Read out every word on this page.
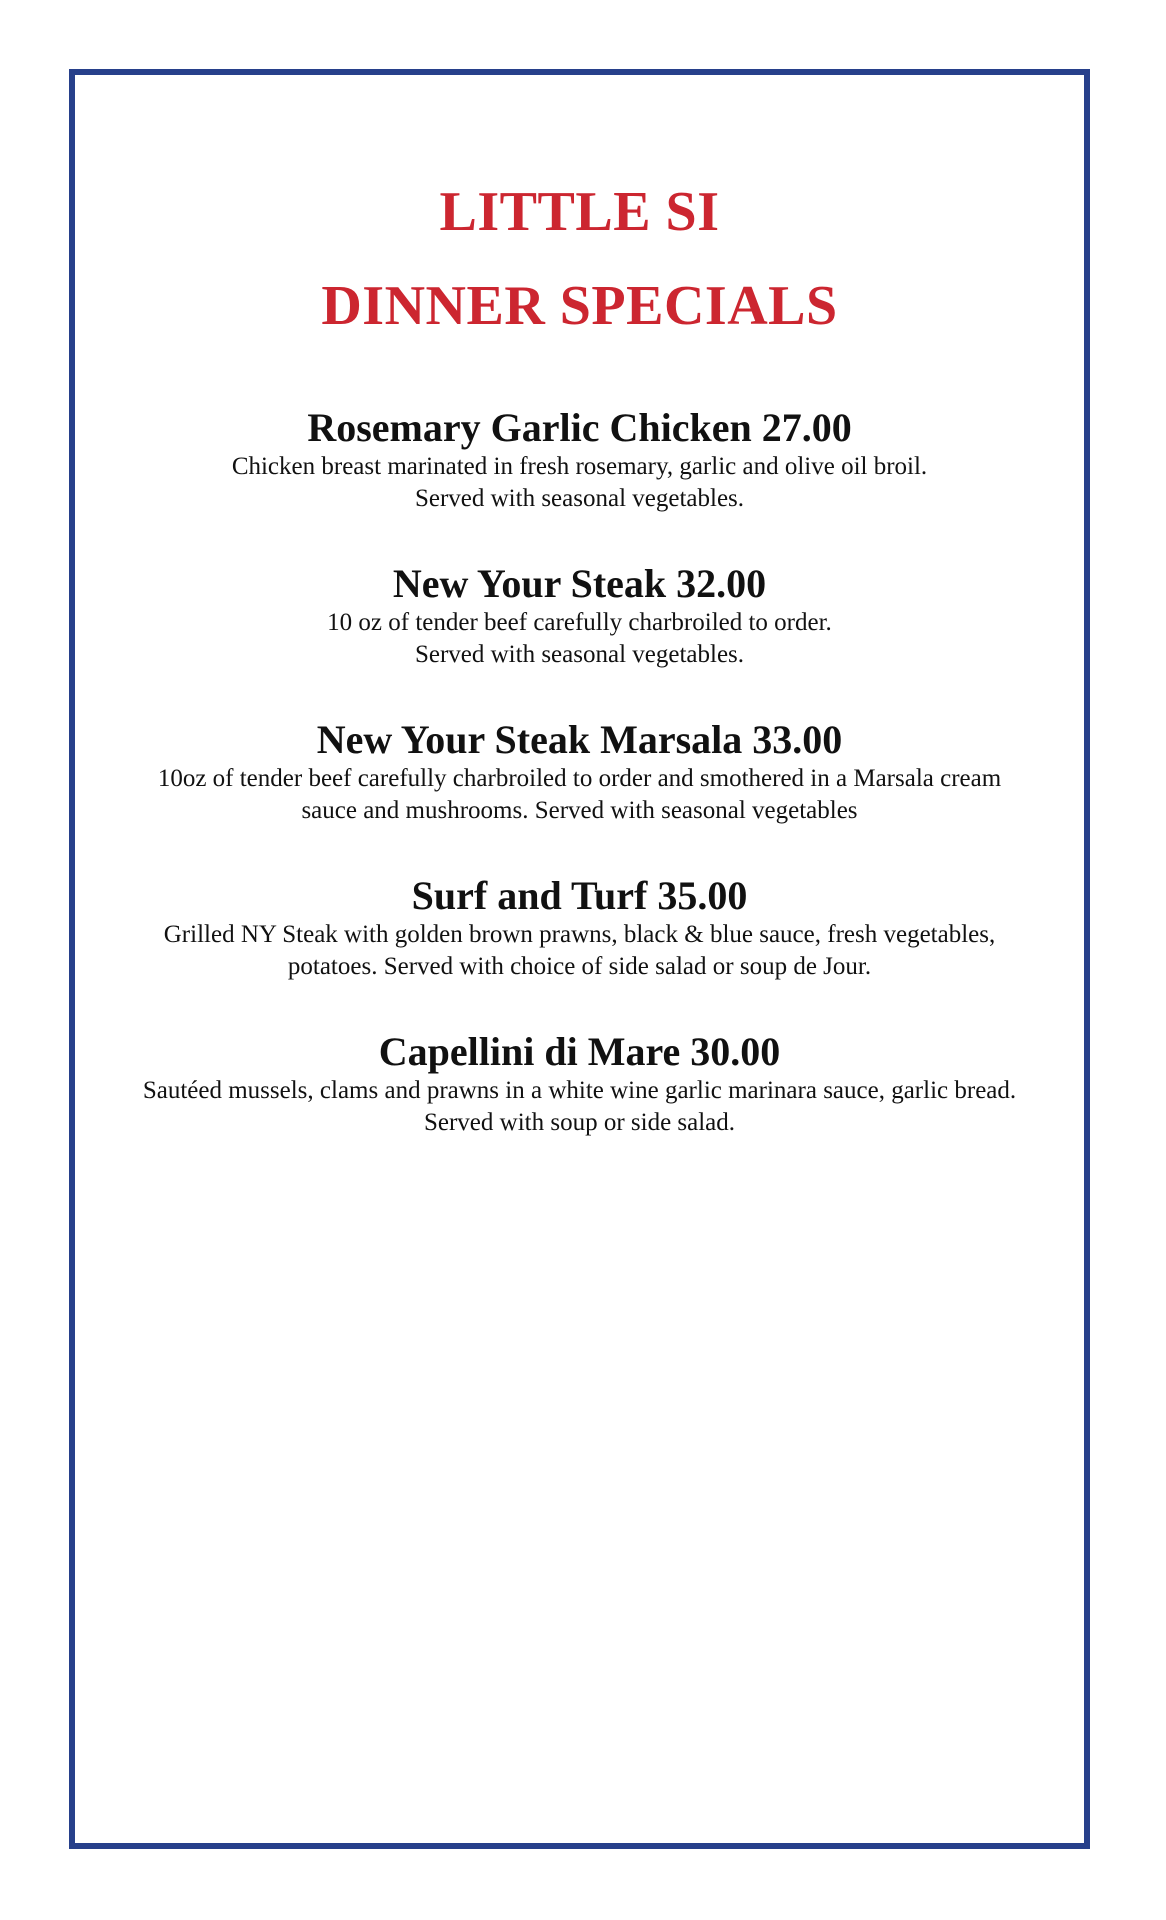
LITTLE SI
DINNER SPECIALS
Rosemary Garlic Chicken 27.00
Chicken breast marinated in fresh rosemary, garlic and olive oil broil.
Served with seasonal vegetables.
New Your Steak 32.00
10 oz of tender beef carefully charbroiled to order.
Served with seasonal vegetables.
New Your Steak Marsala 33.00
10oz of tender beef carefully charbroiled to order and smothered in a Marsala cream
sauce and mushrooms. Served with seasonal vegetables
Surf and Turf 35.00
Grilled NY Steak with golden brown prawns, black & blue sauce, fresh vegetables,
potatoes. Served with choice of side salad or soup de Jour.
Capellini di Mare 30.00
Sautéed mussels, clams and prawns in a white wine garlic marinara sauce, garlic bread.
Served with soup or side salad.
